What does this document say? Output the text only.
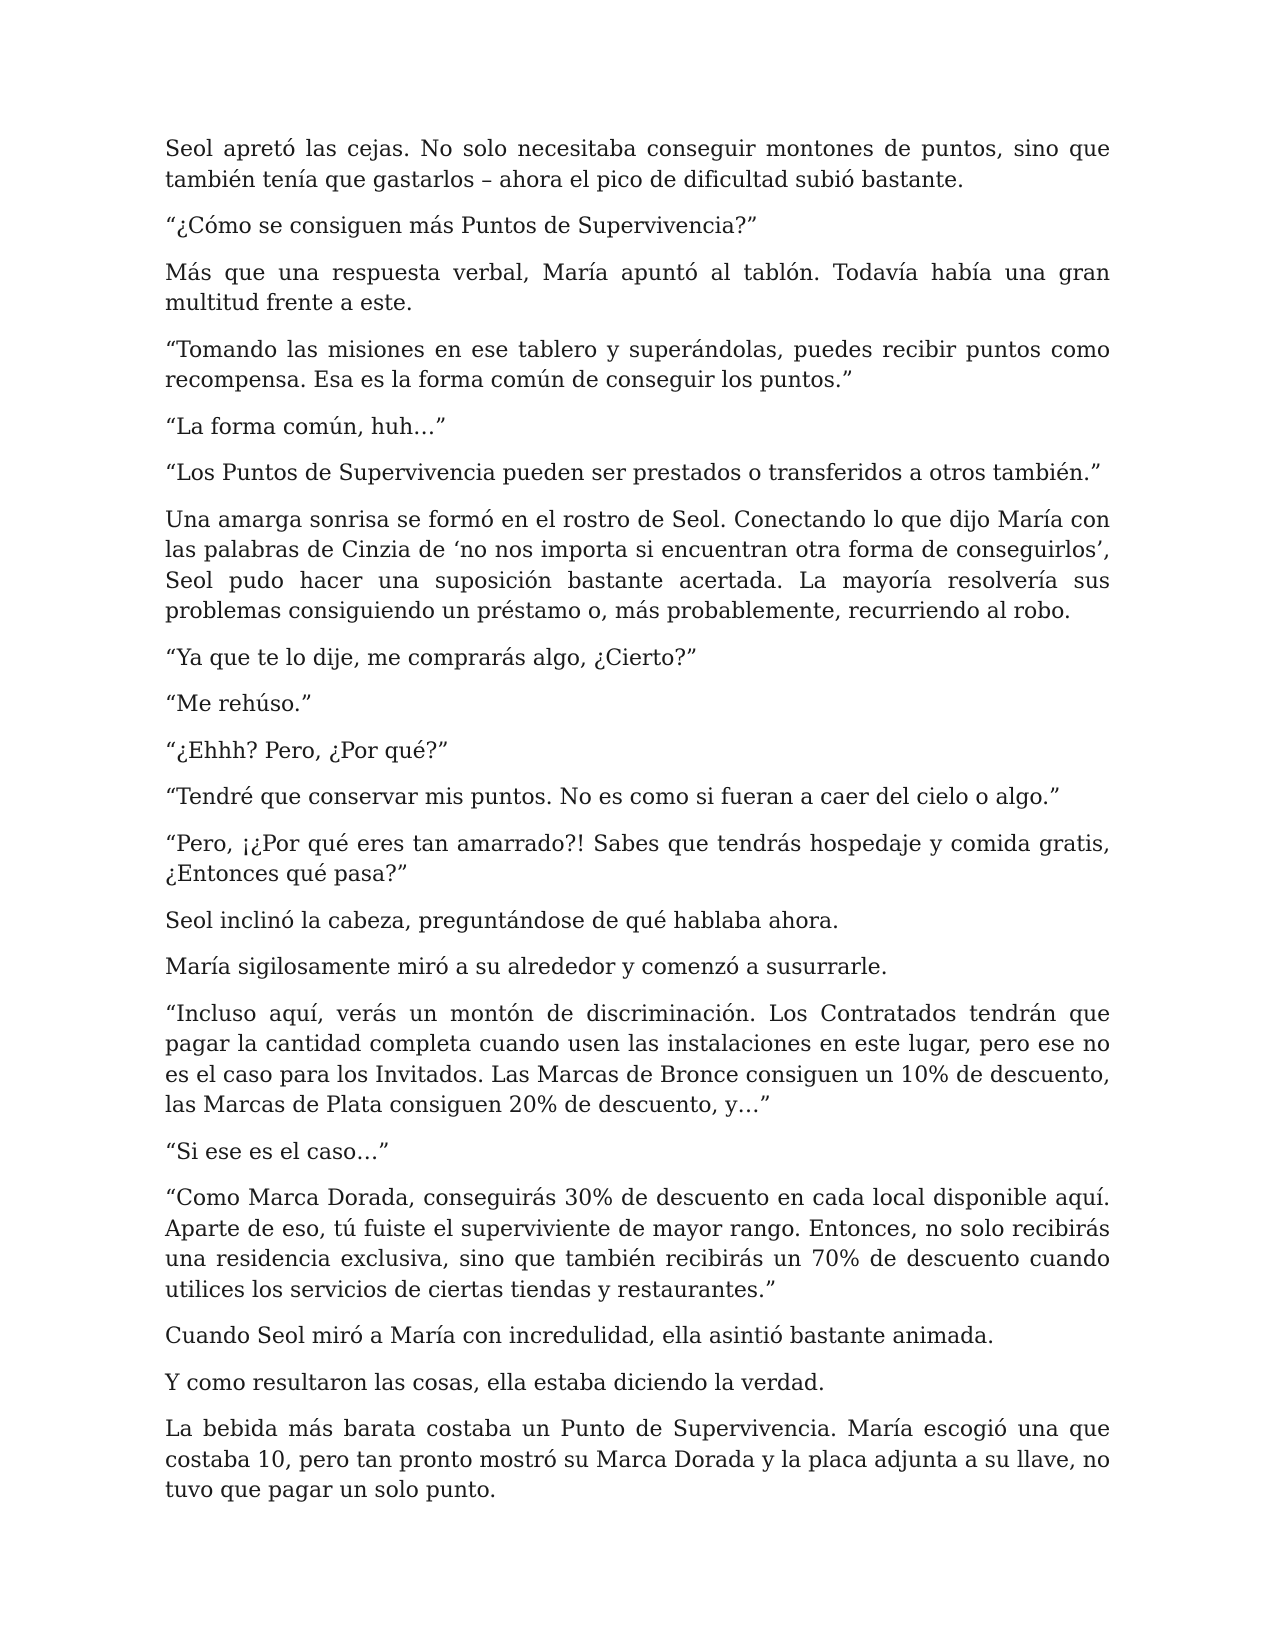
Seol apretó las cejas. No solo necesitaba conseguir montones de puntos, sino que también tenía que gastarlos – ahora el pico de dificultad subió bastante.

“¿Cómo se consiguen más Puntos de Supervivencia?”

Más que una respuesta verbal, María apuntó al tablón. Todavía había una gran multitud frente a este.

“Tomando las misiones en ese tablero y superándolas, puedes recibir puntos como recompensa. Esa es la forma común de conseguir los puntos.”

“La forma común, huh…”

“Los Puntos de Supervivencia pueden ser prestados o transferidos a otros también.”

Una amarga sonrisa se formó en el rostro de Seol. Conectando lo que dijo María con las palabras de Cinzia de ‘no nos importa si encuentran otra forma de conseguirlos’, Seol pudo hacer una suposición bastante acertada. La mayoría resolvería sus problemas consiguiendo un préstamo o, más probablemente, recurriendo al robo.

“Ya que te lo dije, me comprarás algo, ¿Cierto?”

“Me rehúso.”

“¿Ehhh? Pero, ¿Por qué?”

“Tendré que conservar mis puntos. No es como si fueran a caer del cielo o algo.”

“Pero, ¡¿Por qué eres tan amarrado?! Sabes que tendrás hospedaje y comida gratis, ¿Entonces qué pasa?”

Seol inclinó la cabeza, preguntándose de qué hablaba ahora.

María sigilosamente miró a su alrededor y comenzó a susurrarle.

“Incluso aquí, verás un montón de discriminación. Los Contratados tendrán que pagar la cantidad completa cuando usen las instalaciones en este lugar, pero ese no es el caso para los Invitados. Las Marcas de Bronce consiguen un 10% de descuento, las Marcas de Plata consiguen 20% de descuento, y…”

“Si ese es el caso…”

“Como Marca Dorada, conseguirás 30% de descuento en cada local disponible aquí. Aparte de eso, tú fuiste el superviviente de mayor rango. Entonces, no solo recibirás una residencia exclusiva, sino que también recibirás un 70% de descuento cuando utilices los servicios de ciertas tiendas y restaurantes.”

Cuando Seol miró a María con incredulidad, ella asintió bastante animada.

Y como resultaron las cosas, ella estaba diciendo la verdad.

La bebida más barata costaba un Punto de Supervivencia. María escogió una que costaba 10, pero tan pronto mostró su Marca Dorada y la placa adjunta a su llave, no tuvo que pagar un solo punto.
